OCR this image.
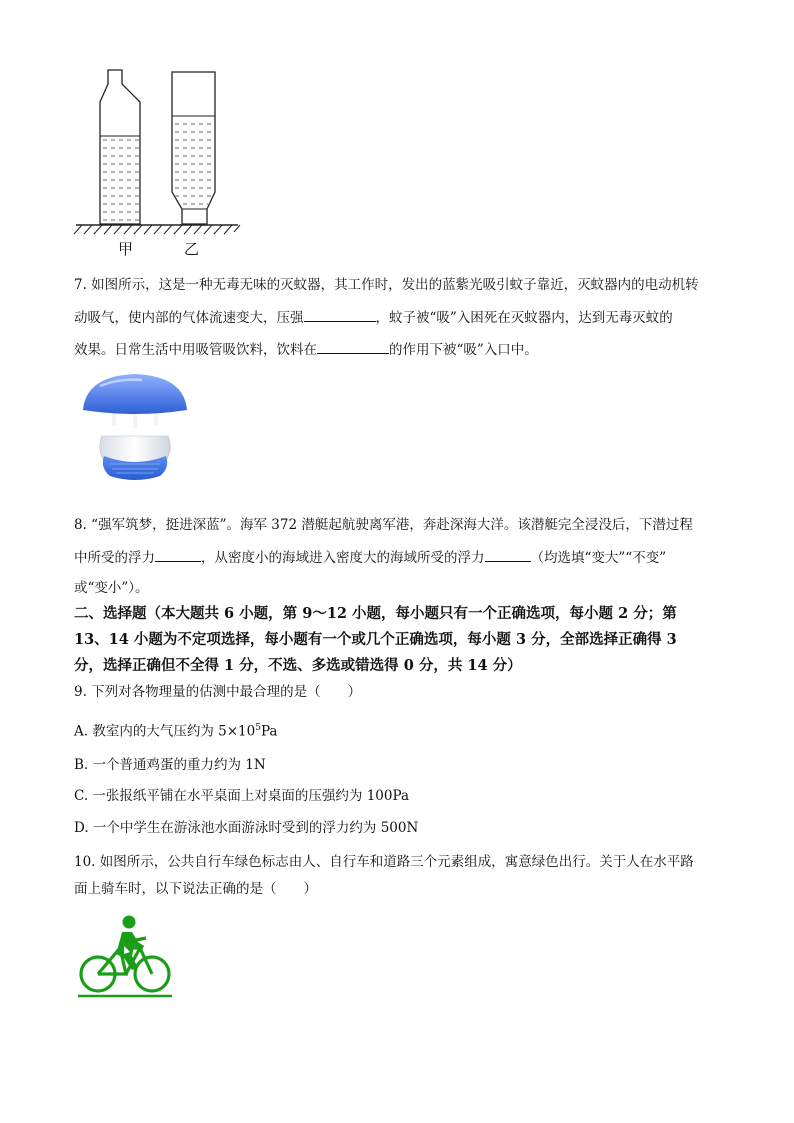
甲	乙
7. 如图所示，这是一种无毒无味的灭蚊器，其工作时，发出的蓝紫光吸引蚊子靠近，灭蚊器内的电动机转
动吸气，使内部的气体流速变大，压强	，蚊子被“吸”入困死在灭蚊器内，达到无毒灭蚊的
效果。日常生活中用吸管吸饮料，饮料在	的作用下被“吸”入口中。
8. “强军筑梦，挺进深蓝”。海军 372 潜艇起航驶离军港，奔赴深海大洋。该潜艇完全浸没后，下潜过程
中所受的浮力	，从密度小的海域进入密度大的海域所受的浮力	（均选填“变大”“不变”
或“变小”）。
二、选择题（本大题共 6 小题，第 9～12 小题，每小题只有一个正确选项，每小题 2 分；第
13、14 小题为不定项选择，每小题有一个或几个正确选项，每小题 3 分，全部选择正确得 3
分，选择正确但不全得 1 分，不选、多选或错选得 0 分，共 14 分）
9. 下列对各物理量的估测中最合理的是（　　）
A. 教室内的大气压约为 $5\times 10^5Pa$
B. 一个普通鸡蛋的重力约为 1N
C. 一张报纸平铺在水平桌面上对桌面的压强约为 100Pa
D. 一个中学生在游泳池水面游泳时受到的浮力约为 500N
10. 如图所示，公共自行车绿色标志由人、自行车和道路三个元素组成，寓意绿色出行。关于人在水平路
面上骑车时，以下说法正确的是（　　）
